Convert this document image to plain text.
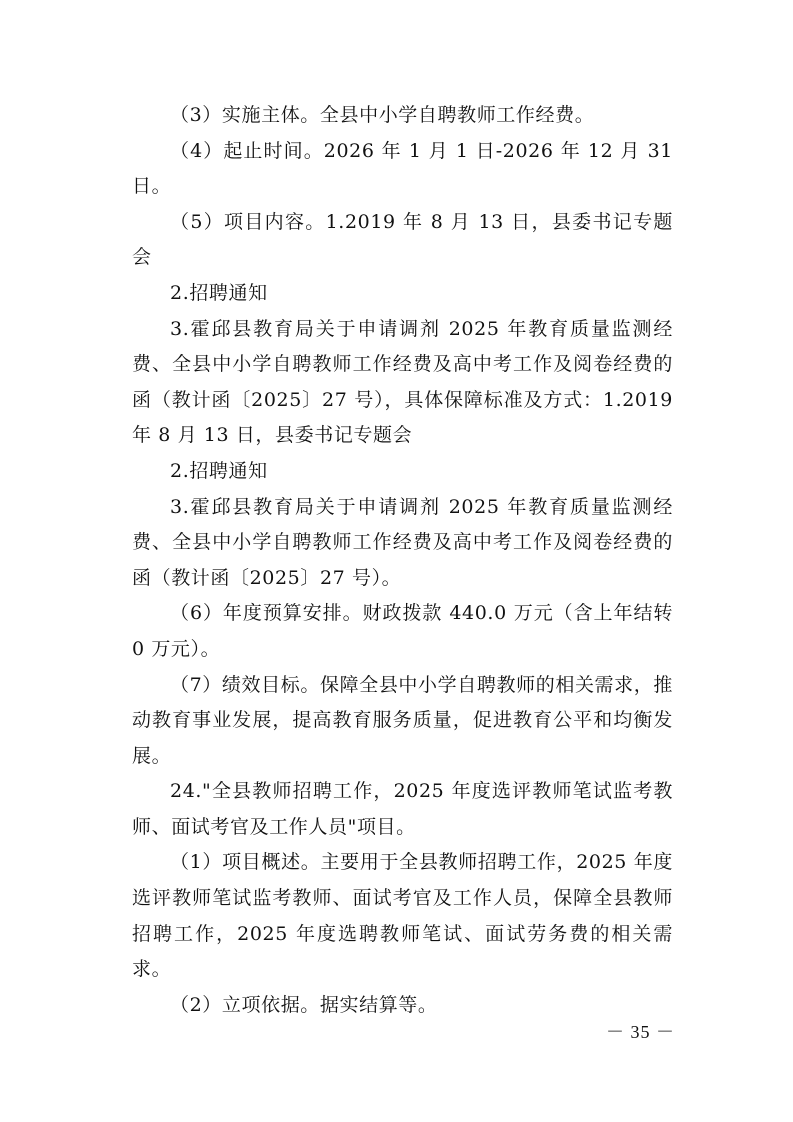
（3）实施主体。全县中小学自聘教师工作经费。

（4）起止时间。2026 年 1 月 1 日-2026 年 12 月 31 日。

（5）项目内容。1.2019 年 8 月 13 日，县委书记专题会

2.招聘通知

3.霍邱县教育局关于申请调剂 2025 年教育质量监测经费、全县中小学自聘教师工作经费及高中考工作及阅卷经费的函（教计函〔2025〕27 号），具体保障标准及方式：1.2019 年 8 月 13 日，县委书记专题会

2.招聘通知

3.霍邱县教育局关于申请调剂 2025 年教育质量监测经费、全县中小学自聘教师工作经费及高中考工作及阅卷经费的函（教计函〔2025〕27 号）。

（6）年度预算安排。财政拨款 440.0 万元（含上年结转 0 万元）。

（7）绩效目标。保障全县中小学自聘教师的相关需求，推动教育事业发展，提高教育服务质量，促进教育公平和均衡发展。

24."全县教师招聘工作，2025 年度选评教师笔试监考教师、面试考官及工作人员"项目。

（1）项目概述。主要用于全县教师招聘工作，2025 年度选评教师笔试监考教师、面试考官及工作人员，保障全县教师招聘工作，2025 年度选聘教师笔试、面试劳务费的相关需求。

（2）立项依据。据实结算等。

－ 35 －
